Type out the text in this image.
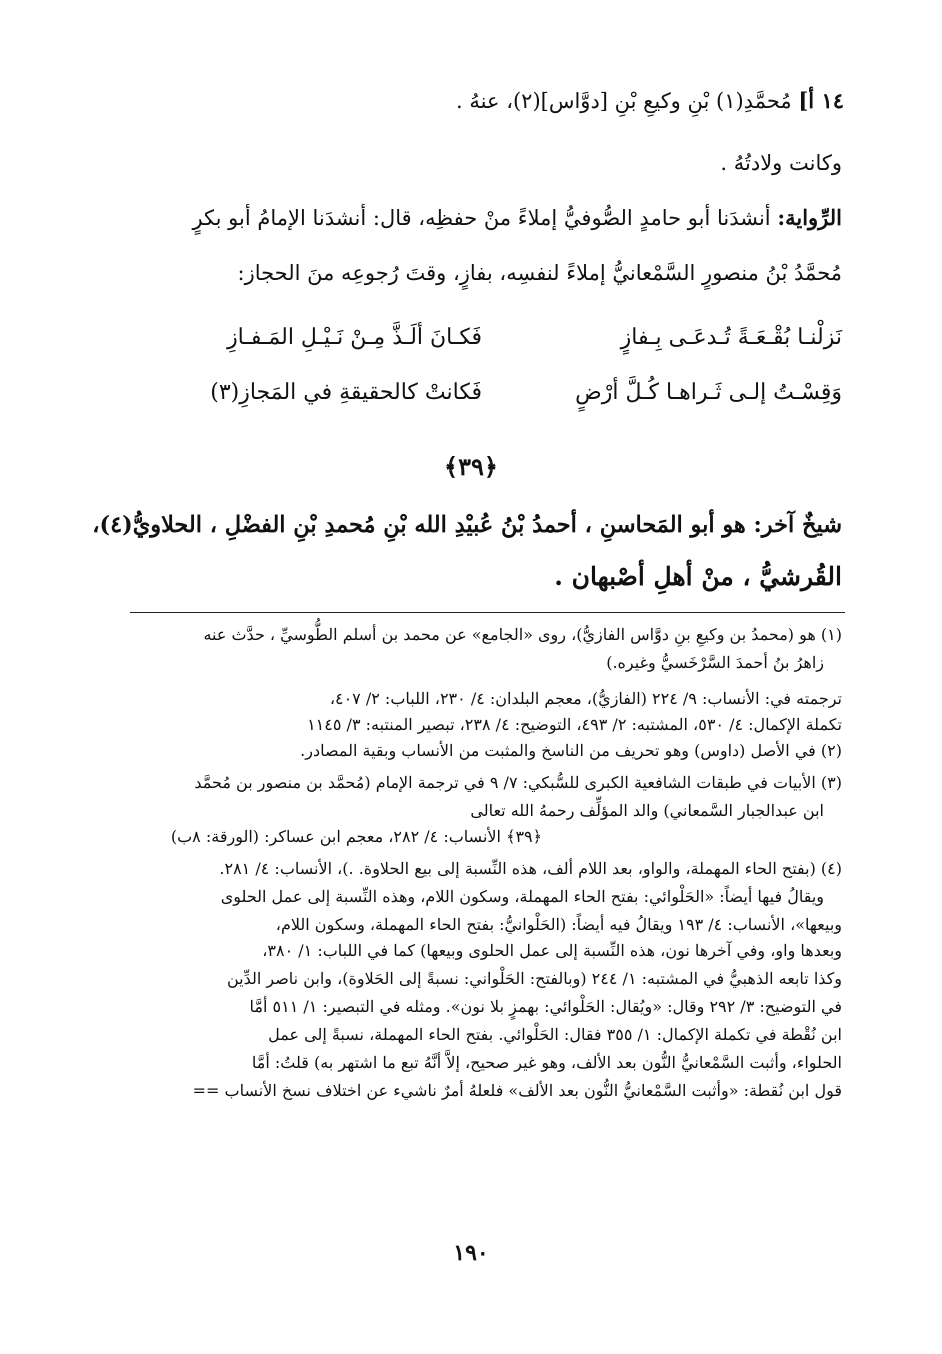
١٤ أ] مُحمَّدِ(١) بْنِ وكيعِ بْنِ [دوَّاس](٢)، عنهُ .
وكانت ولادتُهُ .
الرِّواية: أنشدَنا أبو حامدٍ الصُّوفيُّ إملاءً منْ حفظِه، قال: أنشدَنا الإمامُ أبو بكرٍ
مُحمَّدُ بْنُ منصورٍ السَّمْعانيُّ إملاءً لنفسِه، بفازٍ، وقتَ رُجوعِه منَ الحجاز:
نَزلْنـا بُقْـعَـةً تُـدعَـى بِـفازٍ
فَكـانَ ألَـذَّ مِـنْ نَـيْـلِ المَـفـازِ
وَقِسْـتُ إلـى ثَـراهـا كُـلَّ أرْضٍ
فَكانتْ كالحقيقةِ في المَجازِ(٣)
﴿٣٩﴾
شيخٌ آخر: هو أبو المَحاسنِ ، أحمدُ بْنُ عُبيْدِ الله بْنِ مُحمدِ بْنِ الفضْلِ ، الحلاويُّ(٤)،
القُرشيُّ ، منْ أهلِ أصْبهان .
(١) هو (محمدُ بن وكيعِ بنِ دوَّاس الفازيُّ)، روى «الجامع» عن محمد بن أسلم الطُّوسيِّ ، حدَّث عنه
زاهرُ بنُ أحمدَ السَّرْخَسيُّ وغيره.)
ترجمته في: الأنساب: ٩/ ٢٢٤ (الفازيُّ)، معجم البلدان: ٤/ ٢٣٠، اللباب: ٢/ ٤٠٧،
تكملة الإكمال: ٤/ ٥٣٠، المشتبه: ٢/ ٤٩٣، التوضيح: ٤/ ٢٣٨، تبصير المنتبه: ٣/ ١١٤٥
(٢) في الأصل (داوس) وهو تحريف من الناسخ والمثبت من الأنساب وبقية المصادر.
(٣) الأبيات في طبقات الشافعية الكبرى للسُّبكي: ٧/ ٩ في ترجمة الإمام (مُحمَّد بن منصور بن مُحمَّد
ابن عبدالجبار السَّمعاني) والد المؤلِّف رحمهُ الله تعالى
﴿٣٩﴾ الأنساب: ٤/ ٢٨٢، معجم ابن عساكر: (الورقة: ٨ب)
(٤) (بفتح الحاء المهملة، والواو، بعد اللام ألف، هذه النِّسبة إلى بيع الحلاوة. .)، الأنساب: ٤/ ٢٨١.
ويقالُ فيها أيضاً: «الحَلْوائي: بفتح الحاء المهملة، وسكون اللام، وهذه النِّسبة إلى عمل الحلوى
وبيعها»، الأنساب: ٤/ ١٩٣ ويقالُ فيه أيضاً: (الحَلْوانيُّ: بفتح الحاء المهملة، وسكون اللام،
وبعدها واو، وفي آخرها نون، هذه النِّسبة إلى عمل الحلوى وبيعها) كما في اللباب: ١/ ٣٨٠،
وكذا تابعه الذهبيُّ في المشتبه: ١/ ٢٤٤ (وبالفتح: الحَلْواني: نسبةً إلى الحَلاوة)، وابن ناصر الدِّين
في التوضيح: ٣/ ٢٩٢ وقال: «ويُقال: الحَلْوائي: بهمزٍ بلا نون». ومثله في التبصير: ١/ ٥١١ أمَّا
ابن نُقْطة في تكملة الإكمال: ١/ ٣٥٥ فقال: الحَلْوائي. بفتح الحاء المهملة، نسبةً إلى عمل
الحلواء، وأثبت السَّمْعانيُّ النُّون بعد الألف، وهو غير صحيح، إلاَّ أنَّهُ تبع ما اشتهر به) قلتُ: أمَّا
قول ابن نُقطة: «وأثبت السَّمْعانيُّ النُّون بعد الألف» فلعلهُ أمرٌ ناشيء عن اختلاف نسخ الأنساب ==
١٩٠
